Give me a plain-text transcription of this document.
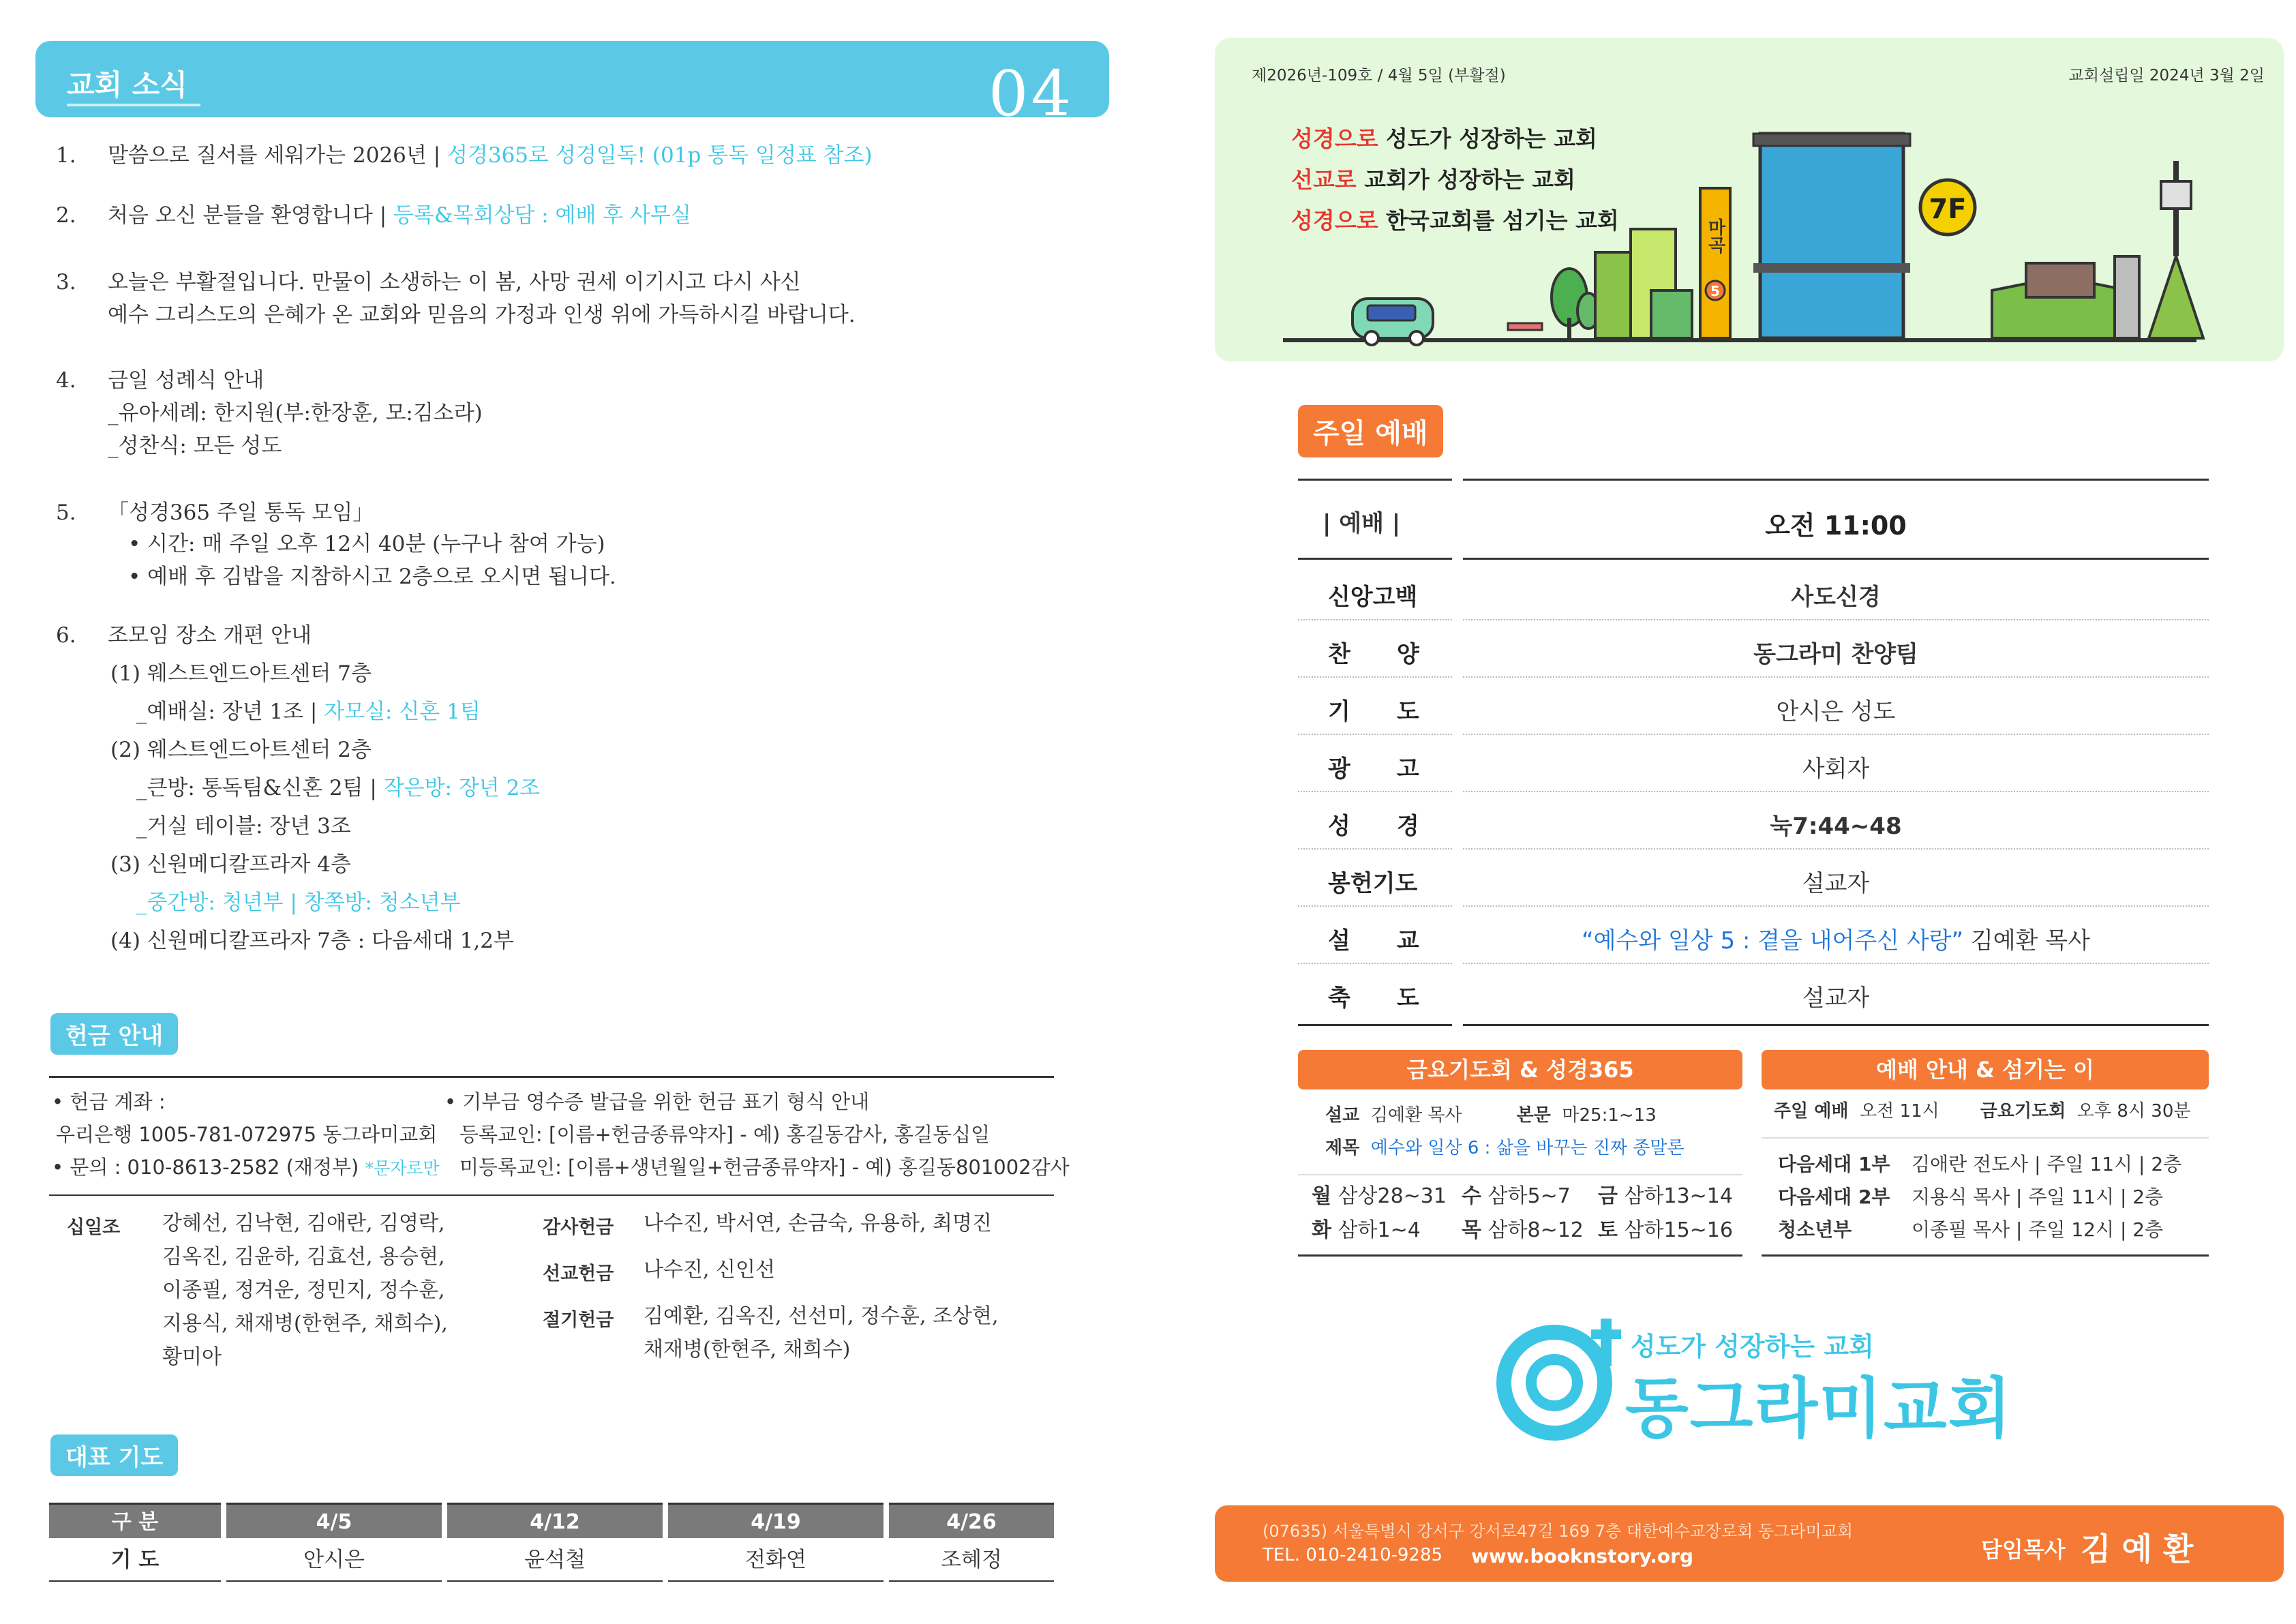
교회 소식	04
1. 말씀으로 질서를 세워가는 2026년 | 성경365로 성경일독! (01p 통독 일정표 참조)
2. 처음 오신 분들을 환영합니다 | 등록&목회상담 : 예배 후 사무실
3. 오늘은 부활절입니다. 만물이 소생하는 이 봄, 사망 권세 이기시고 다시 사신
예수 그리스도의 은혜가 온 교회와 믿음의 가정과 인생 위에 가득하시길 바랍니다.
4. 금일 성례식 안내
_유아세례: 한지원(부:한장훈, 모:김소라)
_성찬식: 모든 성도
5. 「성경365 주일 통독 모임」
• 시간: 매 주일 오후 12시 40분 (누구나 참여 가능)
• 예배 후 김밥을 지참하시고 2층으로 오시면 됩니다.
6. 조모임 장소 개편 안내
(1) 웨스트엔드아트센터 7층
_예배실: 장년 1조 | 자모실: 신혼 1팀
(2) 웨스트엔드아트센터 2층
_큰방: 통독팀&신혼 2팀 | 작은방: 장년 2조
_거실 테이블: 장년 3조
(3) 신원메디칼프라자 4층
_중간방: 청년부 | 창쪽방: 청소년부
(4) 신원메디칼프라자 7층 : 다음세대 1,2부
헌금 안내
• 헌금 계좌 :
우리은행 1005-781-072975 동그라미교회
• 문의 : 010-8613-2582 (재정부) *문자로만
• 기부금 영수증 발급을 위한 헌금 표기 형식 안내
등록교인: [이름+헌금종류약자] - 예) 홍길동감사, 홍길동십일
미등록교인: [이름+생년월일+헌금종류약자] - 예) 홍길동801002감사
십일조 강혜선, 김낙현, 김애란, 김영락,
김옥진, 김윤하, 김효선, 용승현,
이종필, 정겨운, 정민지, 정수훈,
지용식, 채재병(한현주, 채희수),
황미아
감사헌금 나수진, 박서연, 손금숙, 유용하, 최명진
선교헌금 나수진, 신인선
절기헌금 김예환, 김옥진, 선선미, 정수훈, 조상현,
채재병(한현주, 채희수)
대표 기도
구 분	4/5	4/12	4/19	4/26
기 도	안시은	윤석철	전화연	조혜정
제2026년-109호 / 4월 5일 (부활절)	교회설립일 2024년 3월 2일
성경으로 성도가 성장하는 교회
선교로 교회가 성장하는 교회
성경으로 한국교회를 섬기는 교회	마곡
5
7F
주일 예배
| 예배 |	오전 11:00
신앙고백	사도신경
찬　　양	동그라미 찬양팀
기　　도	안시은 성도
광　　고	사회자
성　　경	눅7:44~48
봉헌기도	설교자
설　　교	“예수와 일상 5 : 곁을 내어주신 사랑” 김예환 목사
축　　도	설교자
금요기도회 & 성경365
설교 김예환 목사	본문 마25:1~13
제목 예수와 일상 6 : 삶을 바꾸는 진짜 종말론
월 삼상28~31 수 삼하5~7 금 삼하13~14
화 삼하1~4 목 삼하8~12 토 삼하15~16
예배 안내 & 섬기는 이
주일 예배 오전 11시 금요기도회 오후 8시 30분
다음세대 1부 김애란 전도사 | 주일 11시 | 2층
다음세대 2부 지용식 목사 | 주일 11시 | 2층
청소년부	이종필 목사 | 주일 12시 | 2층
성도가 성장하는 교회
동그라미교회
(07635) 서울특별시 강서구 강서로47길 169 7층 대한예수교장로회 동그라미교회
TEL. 010-2410-9285 www.booknstory.org	담임목사 김 예 환
